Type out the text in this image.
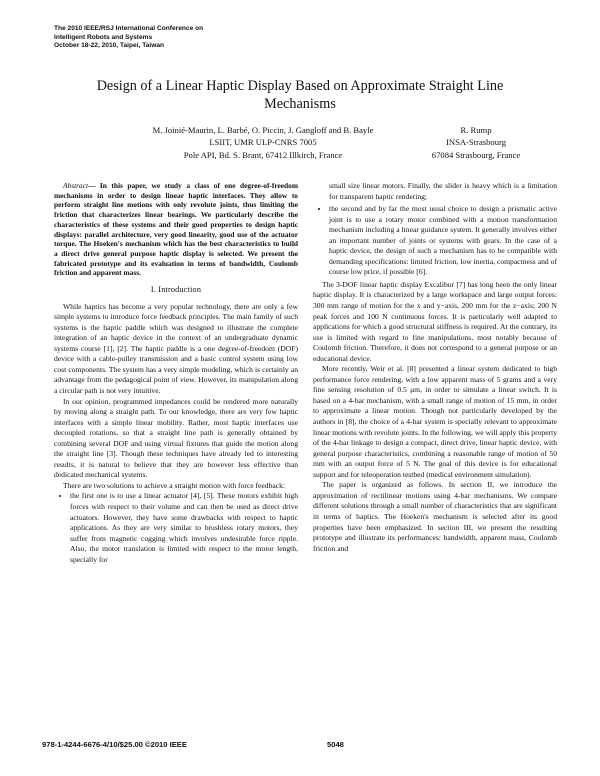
The 2010 IEEE/RSJ International Conference on
Intelligent Robots and Systems
October 18-22, 2010, Taipei, Taiwan
Design of a Linear Haptic Display Based on Approximate Straight Line Mechanisms
M. Joinié-Maurin, L. Barbé, O. Piccin, J. Gangloff and B. Bayle
LSIIT, UMR ULP-CNRS 7005
Pole API, Bd. S. Brant, 67412 Illkirch, France
R. Rump
INSA-Strasbourg
67084 Strasbourg, France

Abstract— In this paper, we study a class of one degree-of-freedom mechanisms in order to design linear haptic interfaces. They allow to perform straight line motions with only revolute joints, thus limiting the friction that characterizes linear bearings. We particularly describe the characteristics of these systems and their good properties to design haptic displays: parallel architecture, very good linearity, good use of the actuator torque. The Hoeken's mechanism which has the best characteristics to build a direct drive general purpose haptic display is selected. We present the fabricated prototype and its evaluation in terms of bandwidth, Coulomb friction and apparent mass.

I. Introduction

While haptics has become a very popular technology, there are only a few simple systems to introduce force feedback principles. The main family of such systems is the haptic paddle which was designed to illustrate the complete integration of an haptic device in the context of an undergraduate dynamic systems course [1], [2]. The haptic paddle is a one degree-of-freedom (DOF) device with a cable-pulley transmission and a basic control system using low cost components. The system has a very simple modeling, which is certainly an advantage from the pedagogical point of view. However, its manipulation along a circular path is not very intuitive.

In our opinion, programmed impedances could be rendered more naturally by moving along a straight path. To our knowledge, there are very few haptic interfaces with a simple linear mobility. Rather, most haptic interfaces use decoupled rotations, so that a straight line path is generally obtained by combining several DOF and using virtual fixtures that guide the motion along the straight line [3]. Though these techniques have already led to interesting results, it is natural to believe that they are however less effective than dedicated mechanical systems.

There are two solutions to achieve a straight motion with force feedback:

• the first one is to use a linear actuator [4], [5]. These motors exhibit high forces with respect to their volume and can then be used as direct drive actuators. However, they have some drawbacks with respect to haptic applications. As they are very similar to brushless rotary motors, they suffer from magnetic cogging which involves undesirable force ripple. Also, the motor translation is limited with respect to the motor length, specially for
small size linear motors. Finally, the slider is heavy which is a limitation for transparent haptic rendering;
• the second and by far the most usual choice to design a prismatic active joint is to use a rotary motor combined with a motion transformation mechanism including a linear guidance system. It generally involves either an important number of joints or systems with gears. In the case of a haptic device, the design of such a mechanism has to be compatible with demanding specifications: limited friction, low inertia, compactness and of course low price, if possible [6].

The 3-DOF linear haptic display Excalibur [7] has long been the only linear haptic display. It is characterized by a large workspace and large output forces: 300 mm range of motion for the x and y−axis, 200 mm for the z−axis; 200 N peak forces and 100 N continuous forces. It is particularly well adapted to applications for which a good structural stiffness is required. At the contrary, its use is limited with regard to fine manipulations, most notably because of Coulomb friction. Therefore, it does not correspond to a general purpose or an educational device.

More recently, Weir et al. [8] presented a linear system dedicated to high performance force rendering, with a low apparent mass of 5 grams and a very fine sensing resolution of 0.5 μm, in order to simulate a linear switch. It is based on a 4-bar mechanism, with a small range of motion of 15 mm, in order to approximate a linear motion. Though not particularly developed by the authors in [8], the choice of a 4-bar system is specially relevant to approximate linear motions with revolute joints. In the following, we will apply this property of the 4-bar linkage to design a compact, direct drive, linear haptic device, with general purpose characteristics, combining a reasonable range of motion of 50 mm with an output force of 5 N. The goal of this device is for educational support and for teleoperation testbed (medical environment simulation).

The paper is organized as follows. In section II, we introduce the approximation of rectilinear motions using 4-bar mechanisms. We compare different solutions through a small number of characteristics that are significant in terms of haptics. The Hoeken's mechanism is selected after its good properties have been emphasized. In section III, we present the resulting prototype and illustrate its performances: bandwidth, apparent mass, Coulomb friction and

978-1-4244-6676-4/10/$25.00 ©2010 IEEE	5048
